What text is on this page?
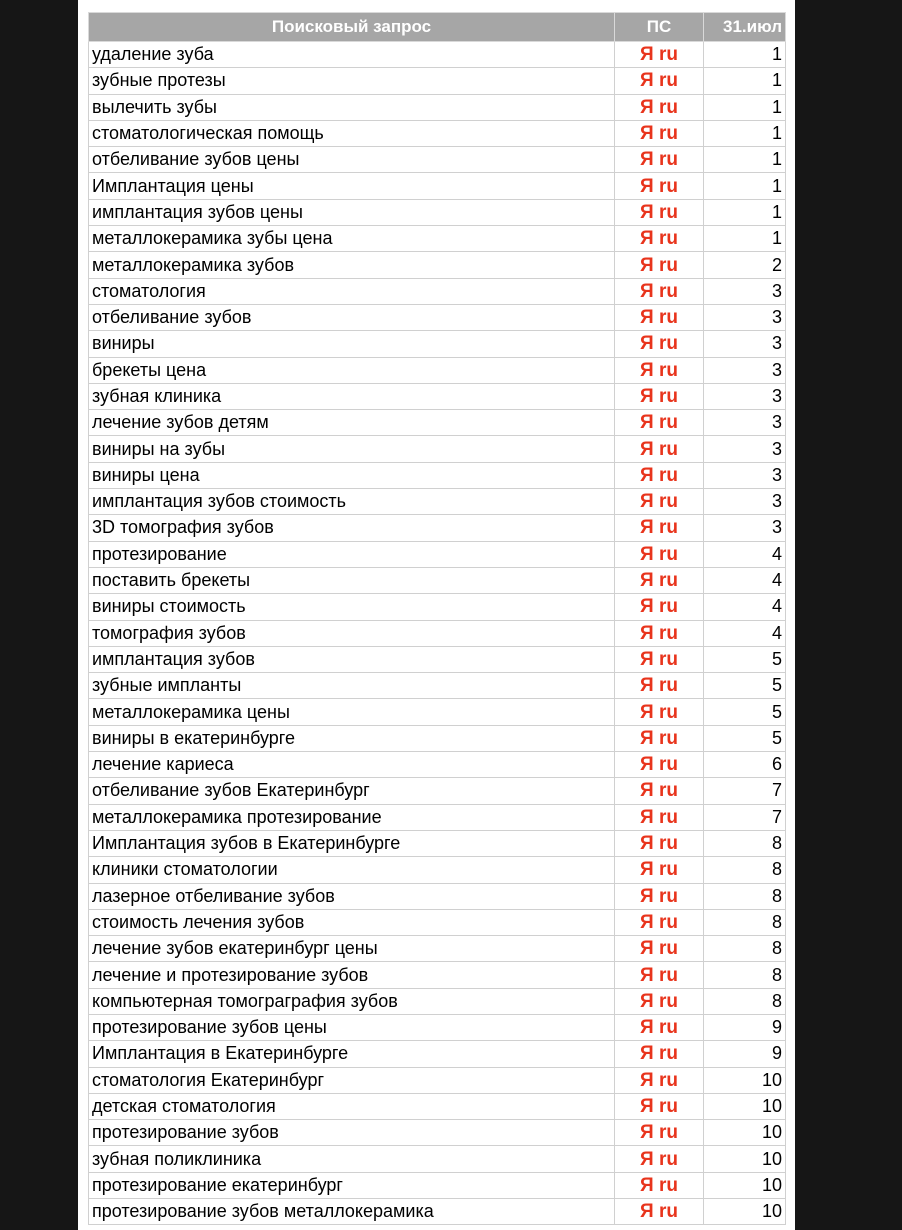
Поисковый запрос	ПС	31.июл
удаление зуба	Я ru	1
зубные протезы	Я ru	1
вылечить зубы	Я ru	1
стоматологическая помощь	Я ru	1
отбеливание зубов цены	Я ru	1
Имплантация цены	Я ru	1
имплантация зубов цены	Я ru	1
металлокерамика зубы цена	Я ru	1
металлокерамика зубов	Я ru	2
стоматология	Я ru	3
отбеливание зубов	Я ru	3
виниры	Я ru	3
брекеты цена	Я ru	3
зубная клиника	Я ru	3
лечение зубов детям	Я ru	3
виниры на зубы	Я ru	3
виниры цена	Я ru	3
имплантация зубов стоимость	Я ru	3
3D томография зубов	Я ru	3
протезирование	Я ru	4
поставить брекеты	Я ru	4
виниры стоимость	Я ru	4
томография зубов	Я ru	4
имплантация зубов	Я ru	5
зубные импланты	Я ru	5
металлокерамика цены	Я ru	5
виниры в екатеринбурге	Я ru	5
лечение кариеса	Я ru	6
отбеливание зубов Екатеринбург	Я ru	7
металлокерамика протезирование	Я ru	7
Имплантация зубов в Екатеринбурге	Я ru	8
клиники стоматологии	Я ru	8
лазерное отбеливание зубов	Я ru	8
стоимость лечения зубов	Я ru	8
лечение зубов екатеринбург цены	Я ru	8
лечение и протезирование зубов	Я ru	8
компьютерная томогрaгрaфия зубов	Я ru	8
протезирование зубов цены	Я ru	9
Имплантация в Екатеринбурге	Я ru	9
стоматология Екатеринбург	Я ru	10
детская стоматология	Я ru	10
протезирование зубов	Я ru	10
зубная поликлиника	Я ru	10
протезирование екатеринбург	Я ru	10
протезирование зубов металлокерамика	Я ru	10
